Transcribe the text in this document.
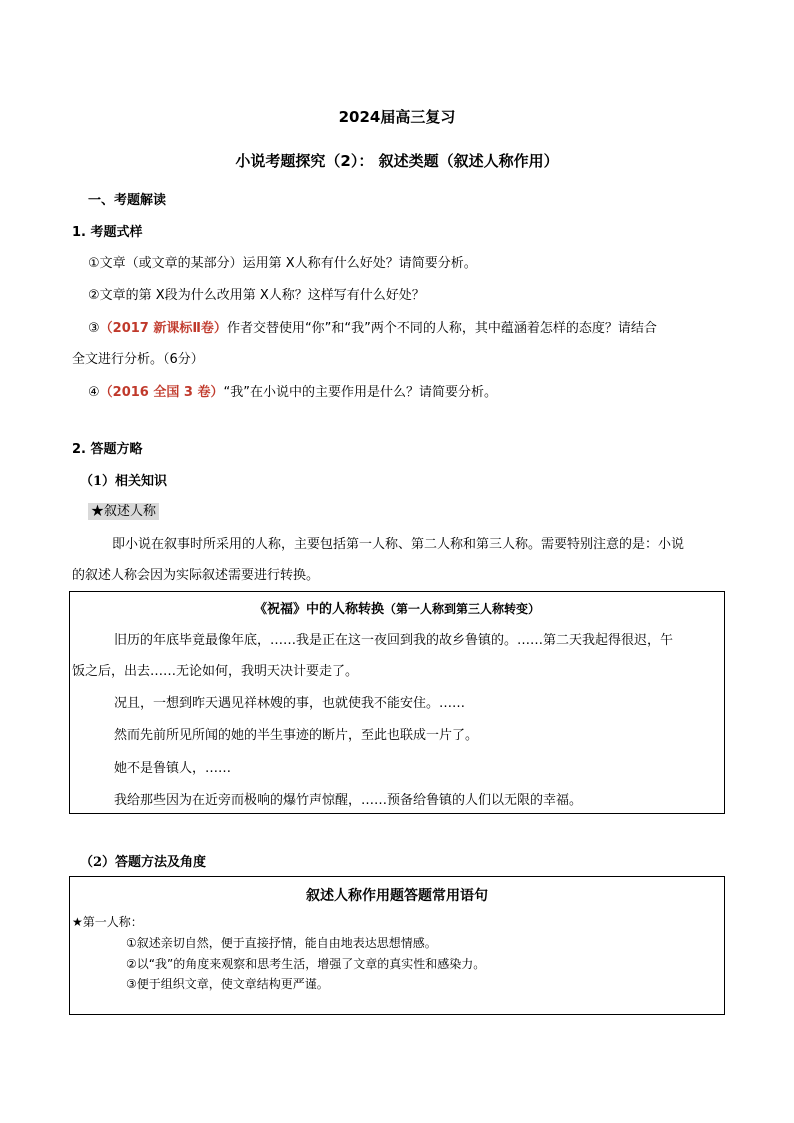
2024届高三复习
小说考题探究（2）： 叙述类题（叙述人称作用）
一、考题解读
1. 考题式样
①文章（或文章的某部分）运用第 X人称有什么好处？请简要分析。
②文章的第 X段为什么改用第 X人称？这样写有什么好处？
③（2017 新课标Ⅱ卷）作者交替使用“你”和“我”两个不同的人称，其中蕴涵着怎样的态度？请结合
全文进行分析。（6分）
④（2016 全国 3 卷）“我”在小说中的主要作用是什么？请简要分析。
2. 答题方略
（1）相关知识
★叙述人称
即小说在叙事时所采用的人称，主要包括第一人称、第二人称和第三人称。需要特别注意的是：小说
的叙述人称会因为实际叙述需要进行转换。
《祝福》中的人称转换（第一人称到第三人称转变）
旧历的年底毕竟最像年底，……我是正在这一夜回到我的故乡鲁镇的。……第二天我起得很迟，午
饭之后，出去……无论如何，我明天决计要走了。
况且，一想到昨天遇见祥林嫂的事，也就使我不能安住。……
然而先前所见所闻的她的半生事迹的断片，至此也联成一片了。
她不是鲁镇人，……
我给那些因为在近旁而极响的爆竹声惊醒，……预备给鲁镇的人们以无限的幸福。
（2）答题方法及角度
叙述人称作用题答题常用语句
★第一人称：
①叙述亲切自然，便于直接抒情，能自由地表达思想情感。
②以“我”的角度来观察和思考生活，增强了文章的真实性和感染力。
③便于组织文章，使文章结构更严谨。
